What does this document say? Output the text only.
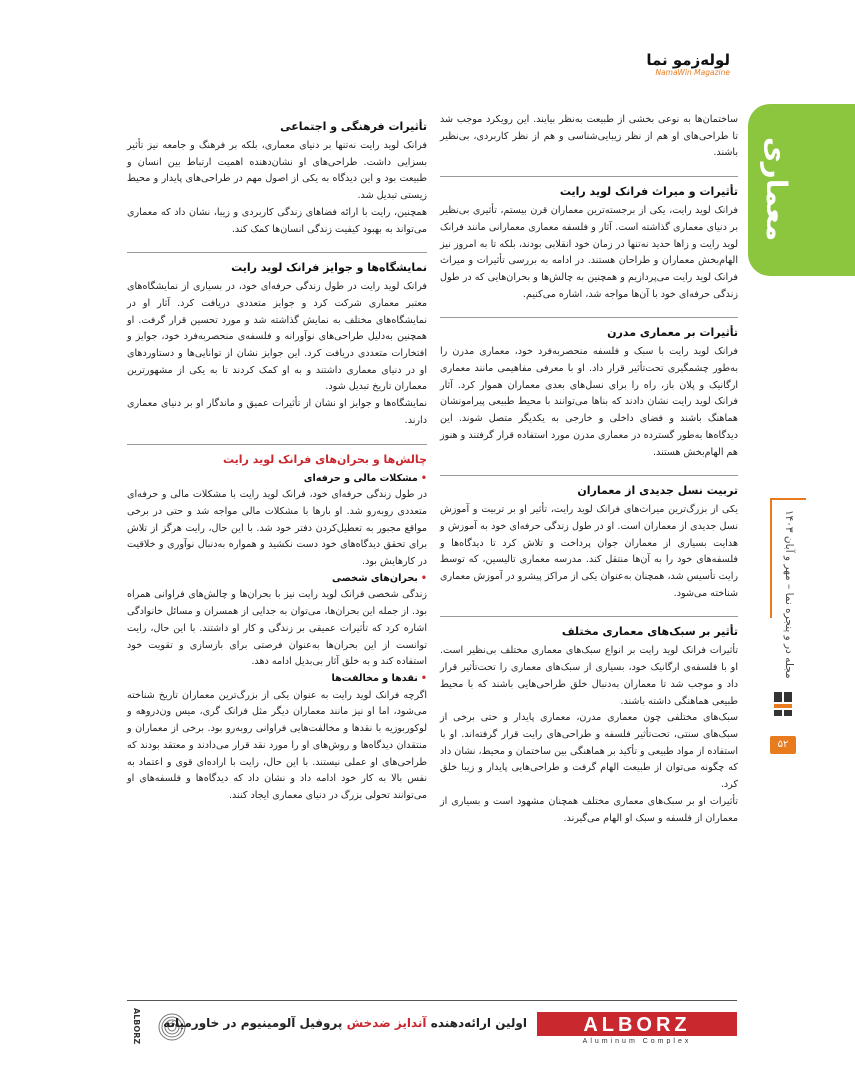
لوله‌زمو نما
NamaWin Magazine
معماری
مجله در و پنجره نما – مهر و آبان ۱۴۰۳
۵۲

ساختمان‌ها به نوعی بخشی از طبیعت به‌نظر بیایند. این رویکرد موجب شد تا طراحی‌های او هم از نظر زیبایی‌شناسی و هم از نظر کاربردی، بی‌نظیر باشند.

تأثیرات و میراث فرانک لوید رایت

فرانک لوید رایت، یکی از برجسته‌ترین معماران قرن بیستم، تأثیری بی‌نظیر بر دنیای معماری گذاشته است. آثار و فلسفه معماری معمارانی مانند فرانک لوید رایت و زاها حدید نه‌تنها در زمان خود انقلابی بودند، بلکه تا به امروز نیز الهام‌بخش معماران و طراحان هستند. در ادامه به بررسی تأثیرات و میراث فرانک لوید رایت می‌پردازیم و همچنین به چالش‌ها و بحران‌هایی که در طول زندگی حرفه‌ای خود با آن‌ها مواجه شد، اشاره می‌کنیم.

تأثیرات بر معماری مدرن

فرانک لوید رایت با سبک و فلسفه منحصربه‌فرد خود، معماری مدرن را به‌طور چشمگیری تحت‌تأثیر قرار داد. او با معرفی مفاهیمی مانند معماری ارگانیک و پلان باز، راه را برای نسل‌های بعدی معماران هموار کرد. آثار فرانک لوید رایت نشان دادند که بناها می‌توانند با محیط طبیعی پیرامونشان هماهنگ باشند و فضای داخلی و خارجی به یکدیگر متصل شوند. این دیدگاه‌ها به‌طور گسترده در معماری مدرن مورد استفاده قرار گرفتند و هنوز هم الهام‌بخش هستند.

تربیت نسل جدیدی از معماران

یکی از بزرگ‌ترین میراث‌های فرانک لوید رایت، تأثیر او بر تربیت و آموزش نسل جدیدی از معماران است. او در طول زندگی حرفه‌ای خود به آموزش و هدایت بسیاری از معماران جوان پرداخت و تلاش کرد تا دیدگاه‌ها و فلسفه‌های خود را به آن‌ها منتقل کند. مدرسه معماری تالیسین، که توسط رایت تأسیس شد، همچنان به‌عنوان یکی از مراکز پیشرو در آموزش معماری شناخته می‌شود.

تأثیر بر سبک‌های معماری مختلف

تأثیرات فرانک لوید رایت بر انواع سبک‌های معماری مختلف بی‌نظیر است. او با فلسفه‌ی ارگانیک خود، بسیاری از سبک‌های معماری را تحت‌تأثیر قرار داد و موجب شد تا معماران به‌دنبال خلق طراحی‌هایی باشند که با محیط طبیعی هماهنگی داشته باشند.

سبک‌های مختلفی چون معماری مدرن، معماری پایدار و حتی برخی از سبک‌های سنتی، تحت‌تأثیر فلسفه و طراحی‌های رایت قرار گرفته‌اند. او با استفاده از مواد طبیعی و تأکید بر هماهنگی بین ساختمان و محیط، نشان داد که چگونه می‌توان از طبیعت الهام گرفت و طراحی‌هایی پایدار و زیبا خلق کرد.

تأثیرات او بر سبک‌های معماری مختلف همچنان مشهود است و بسیاری از معماران از فلسفه و سبک او الهام می‌گیرند.

تأثیرات فرهنگی و اجتماعی

فرانک لوید رایت نه‌تنها بر دنیای معماری، بلکه بر فرهنگ و جامعه نیز تأثیر بسزایی داشت. طراحی‌های او نشان‌دهنده اهمیت ارتباط بین انسان و طبیعت بود و این دیدگاه به یکی از اصول مهم در طراحی‌های پایدار و محیط زیستی تبدیل شد.

همچنین، رایت با ارائه فضاهای زندگی کاربردی و زیبا، نشان داد که معماری می‌تواند به بهبود کیفیت زندگی انسان‌ها کمک کند.

نمایشگاه‌ها و جوایز فرانک لوید رایت

فرانک لوید رایت در طول زندگی حرفه‌ای خود، در بسیاری از نمایشگاه‌های معتبر معماری شرکت کرد و جوایز متعددی دریافت کرد. آثار او در نمایشگاه‌های مختلف به نمایش گذاشته شد و مورد تحسین قرار گرفت. او همچنین به‌دلیل طراحی‌های نوآورانه و فلسفه‌ی منحصربه‌فرد خود، جوایز و افتخارات متعددی دریافت کرد. این جوایز نشان از توانایی‌ها و دستاوردهای او در دنیای معماری داشتند و به او کمک کردند تا به یکی از مشهورترین معماران تاریخ تبدیل شود.

نمایشگاه‌ها و جوایز او نشان از تأثیرات عمیق و ماندگار او بر دنیای معماری دارند.

چالش‌ها و بحران‌های فرانک لوید رایت
•مشکلات مالی و حرفه‌ای

در طول زندگی حرفه‌ای خود، فرانک لوید رایت با مشکلات مالی و حرفه‌ای متعددی روبه‌رو شد. او بارها با مشکلات مالی مواجه شد و حتی در برخی مواقع مجبور به تعطیل‌کردن دفتر خود شد. با این حال، رایت هرگز از تلاش برای تحقق دیدگاه‌های خود دست نکشید و همواره به‌دنبال نوآوری و خلاقیت در کارهایش بود.

•بحران‌های شخصی

زندگی شخصی فرانک لوید رایت نیز با بحران‌ها و چالش‌های فراوانی همراه بود. از جمله این بحران‌ها، می‌توان به جدایی از همسران و مسائل خانوادگی اشاره کرد که تأثیرات عمیقی بر زندگی و کار او داشتند. با این حال، رایت توانست از این بحران‌ها به‌عنوان فرصتی برای بازسازی و تقویت خود استفاده کند و به خلق آثار بی‌بدیل ادامه دهد.

•نقدها و مخالفت‌ها

اگرچه فرانک لوید رایت به عنوان یکی از بزرگ‌ترین معماران تاریخ شناخته می‌شود، اما او نیز مانند معماران دیگر مثل فرانک گری، میس ون‌دروهه و لوکوربوزیه با نقدها و مخالفت‌هایی فراوانی روبه‌رو بود. برخی از معماران و منتقدان دیدگاه‌ها و روش‌های او را مورد نقد قرار می‌دادند و معتقد بودند که طراحی‌های او عملی نیستند. با این حال، رایت با اراده‌ای قوی و اعتماد به نفس بالا به کار خود ادامه داد و نشان داد که دیدگاه‌ها و فلسفه‌های او می‌توانند تحولی بزرگ در دنیای معماری ایجاد کنند.

ALBORZ	اولین ارائه‌دهنده آندایز ضدخش پروفیل آلومینیوم در خاورمیانه	ALBORZ
Aluminum Complex
